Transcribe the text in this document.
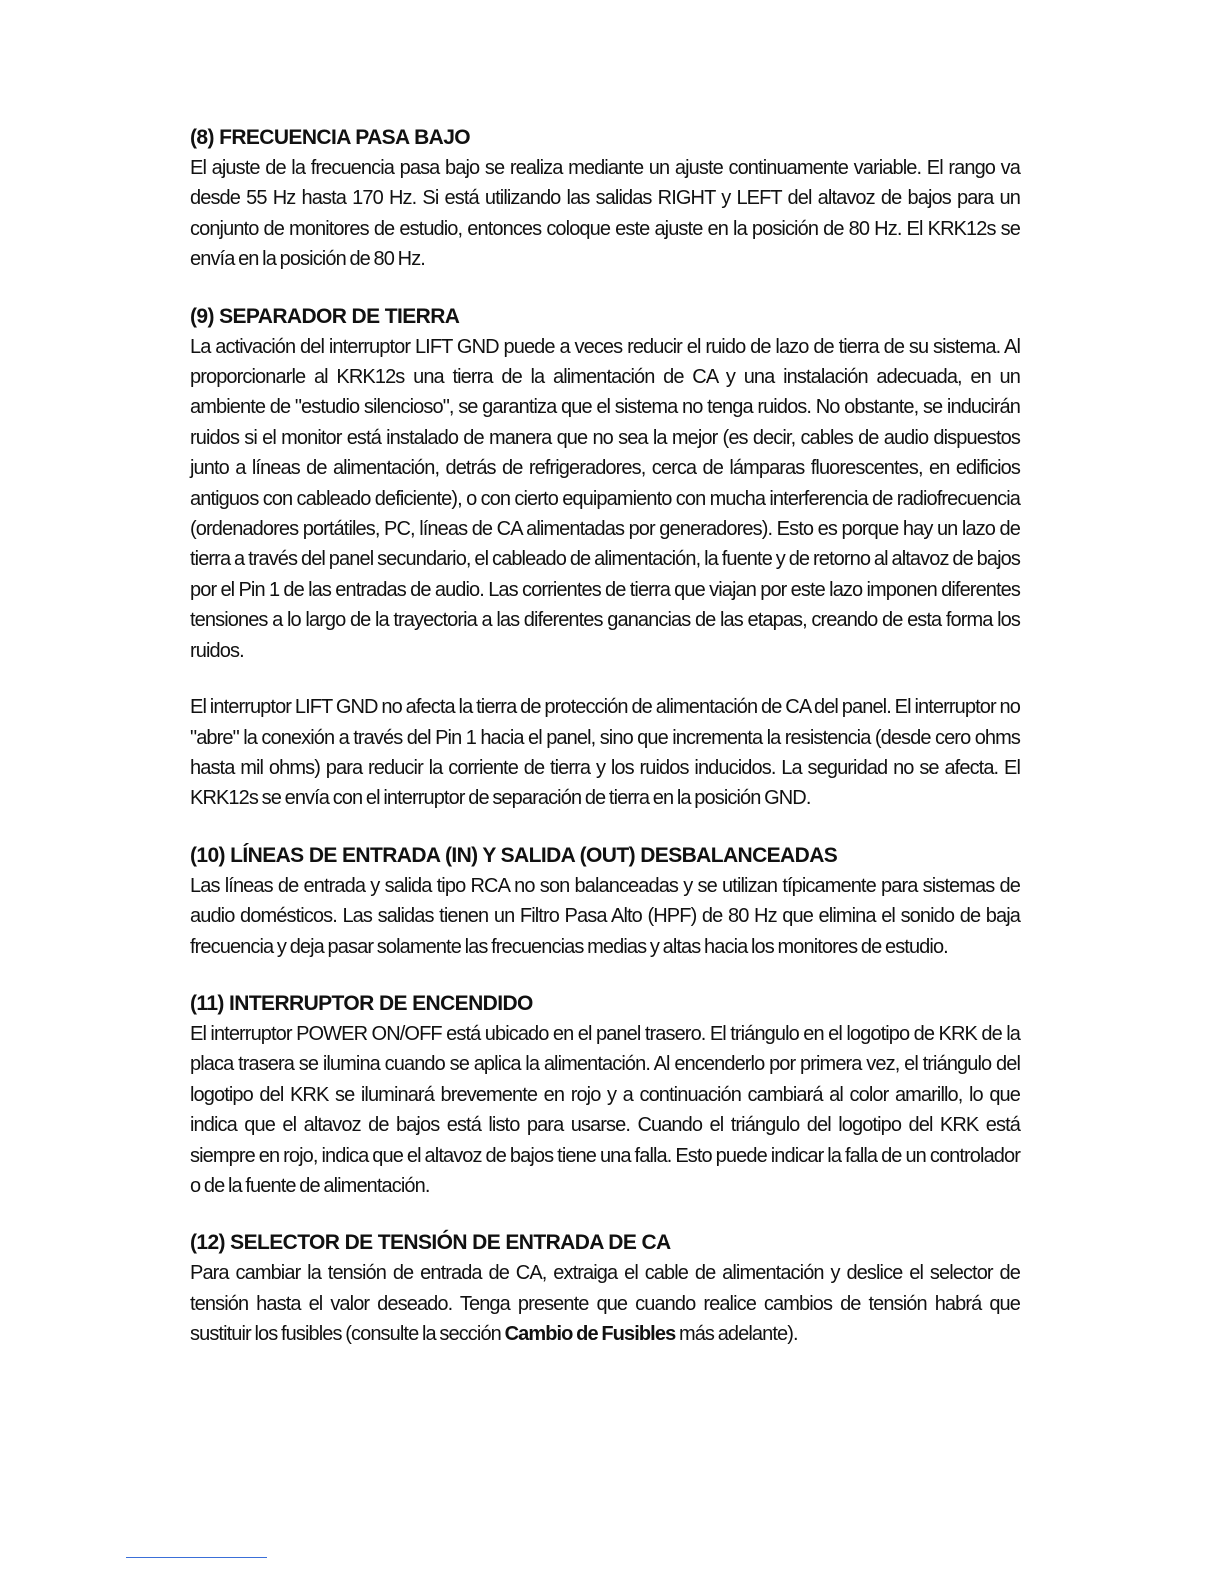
(8) FRECUENCIA PASA BAJO

El ajuste de la frecuencia pasa bajo se realiza mediante un ajuste continuamente variable. El rango va desde 55 Hz hasta 170 Hz. Si está utilizando las salidas RIGHT y LEFT del altavoz de bajos para un conjunto de monitores de estudio, entonces coloque este ajuste en la posición de 80 Hz. El KRK12s se envía en la posición de 80 Hz.

(9) SEPARADOR DE TIERRA

La activación del interruptor LIFT GND puede a veces reducir el ruido de lazo de tierra de su sistema. Al proporcionarle al KRK12s una tierra de la alimentación de CA y una instalación adecuada, en un ambiente de "estudio silencioso", se garantiza que el sistema no tenga ruidos. No obstante, se inducirán ruidos si el monitor está instalado de manera que no sea la mejor (es decir, cables de audio dispuestos junto a líneas de alimentación, detrás de refrigeradores, cerca de lámparas fluorescentes, en edificios antiguos con cableado deficiente), o con cierto equipamiento con mucha interferencia de radiofrecuencia (ordenadores portátiles, PC, líneas de CA alimentadas por generadores). Esto es porque hay un lazo de tierra a través del panel secundario, el cableado de alimentación, la fuente y de retorno al altavoz de bajos por el Pin 1 de las entradas de audio. Las corrientes de tierra que viajan por este lazo imponen diferentes tensiones a lo largo de la trayectoria a las diferentes ganancias de las etapas, creando de esta forma los ruidos.

El interruptor LIFT GND no afecta la tierra de protección de alimentación de CA del panel. El interruptor no "abre" la conexión a través del Pin 1 hacia el panel, sino que incrementa la resistencia (desde cero ohms hasta mil ohms) para reducir la corriente de tierra y los ruidos inducidos. La seguridad no se afecta. El KRK12s se envía con el interruptor de separación de tierra en la posición GND.

(10) LÍNEAS DE ENTRADA (IN) Y SALIDA (OUT) DESBALANCEADAS

Las líneas de entrada y salida tipo RCA no son balanceadas y se utilizan típicamente para sistemas de audio domésticos. Las salidas tienen un Filtro Pasa Alto (HPF) de 80 Hz que elimina el sonido de baja frecuencia y deja pasar solamente las frecuencias medias y altas hacia los monitores de estudio.

(11) INTERRUPTOR DE ENCENDIDO

El interruptor POWER ON/OFF está ubicado en el panel trasero. El triángulo en el logotipo de KRK de la placa trasera se ilumina cuando se aplica la alimentación. Al encenderlo por primera vez, el triángulo del logotipo del KRK se iluminará brevemente en rojo y a continuación cambiará al color amarillo, lo que indica que el altavoz de bajos está listo para usarse. Cuando el triángulo del logotipo del KRK está siempre en rojo, indica que el altavoz de bajos tiene una falla. Esto puede indicar la falla de un controlador o de la fuente de alimentación.

(12) SELECTOR DE TENSIÓN DE ENTRADA DE CA

Para cambiar la tensión de entrada de CA, extraiga el cable de alimentación y deslice el selector de tensión hasta el valor deseado. Tenga presente que cuando realice cambios de tensión habrá que sustituir los fusibles (consulte la sección Cambio de Fusibles más adelante).
